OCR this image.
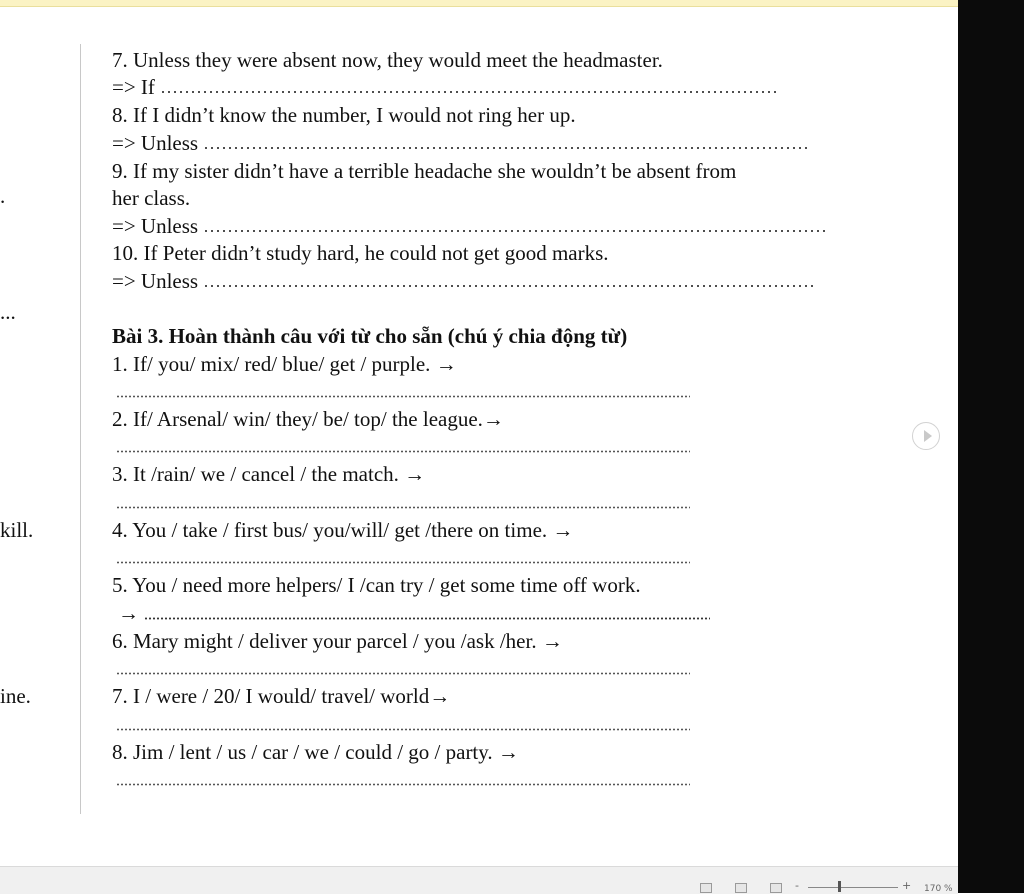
.
...
kill.
ine.
7. Unless they were absent now, they would meet the headmaster.
=> If
8. If I didn’t know the number, I would not ring her up.
=> Unless
9. If my sister didn’t have a terrible headache she wouldn’t be absent from
her class.
=> Unless
10. If Peter didn’t study hard, he could not get good marks.
=> Unless
Bài 3. Hoàn thành câu với từ cho sẵn (chú ý chia động từ)
1. If/ you/ mix/ red/ blue/ get / purple. →
2. If/ Arsenal/ win/ they/ be/ top/ the league.→
3. It /rain/ we / cancel / the match. →
4. You / take / first bus/ you/will/ get /there on time. →
5. You / need more helpers/ I /can try / get some time off work.
→
6. Mary might / deliver your parcel / you /ask /her. →
7. I / were / 20/ I would/ travel/ world→
8. Jim / lent / us / car / we / could / go / party. →
-	+ 170 %
